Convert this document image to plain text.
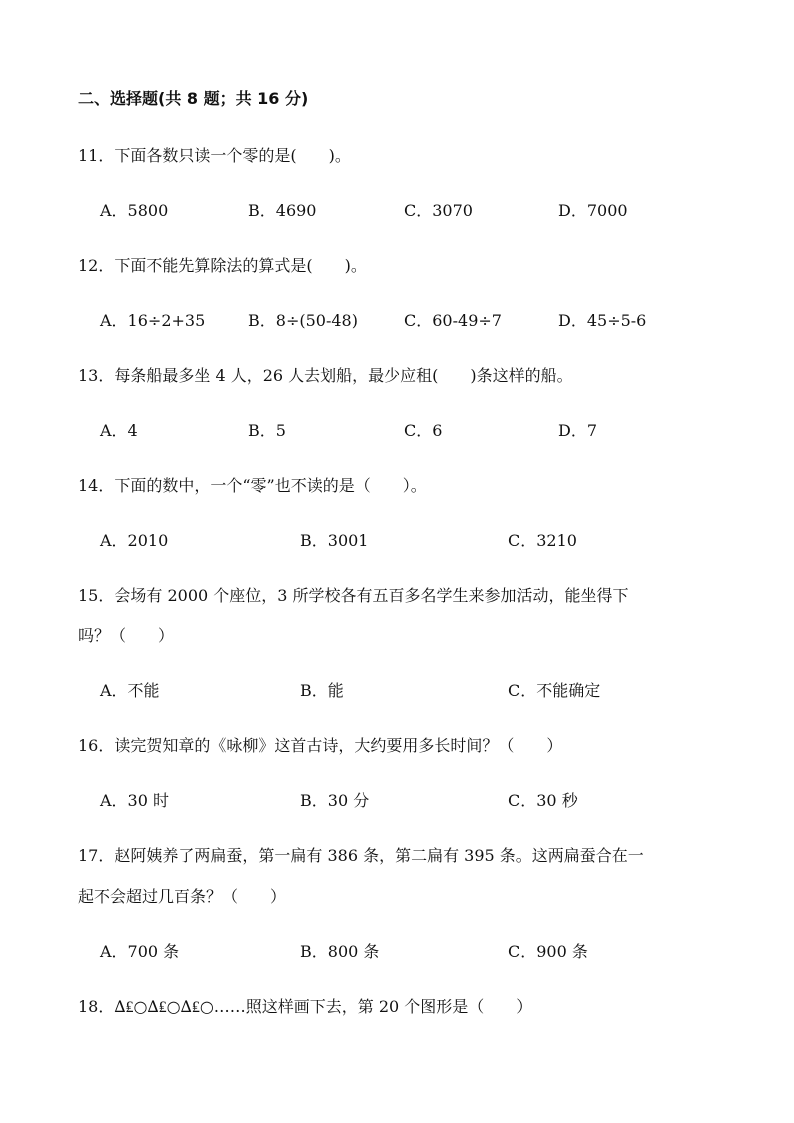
二、选择题(共 8 题；共 16 分)
11．下面各数只读一个零的是(　　)。
A．5800	B．4690	C．3070	D．7000
12．下面不能先算除法的算式是(　　)。
A．16÷2+35	B．8÷(50-48)	C．60-49÷7	D．45÷5-6
13．每条船最多坐 4 人，26 人去划船，最少应租(　　)条这样的船。
A．4	B．5	C．6	D．7
14．下面的数中，一个“零”也不读的是（　　）。
A．2010	B．3001	C．3210
15．会场有 2000 个座位，3 所学校各有五百多名学生来参加活动，能坐得下
吗？（　　）
A．不能	B．能	C．不能确定
16．读完贺知章的《咏柳》这首古诗，大约要用多长时间？（　　）
A．30 时	B．30 分	C．30 秒
17．赵阿姨养了两扁蚕，第一扁有 386 条，第二扁有 395 条。这两扁蚕合在一
起不会超过几百条？（　　）
A．700 条	B．800 条	C．900 条
18．∆₤○∆₤○∆₤○……照这样画下去，第 20 个图形是（　　）
